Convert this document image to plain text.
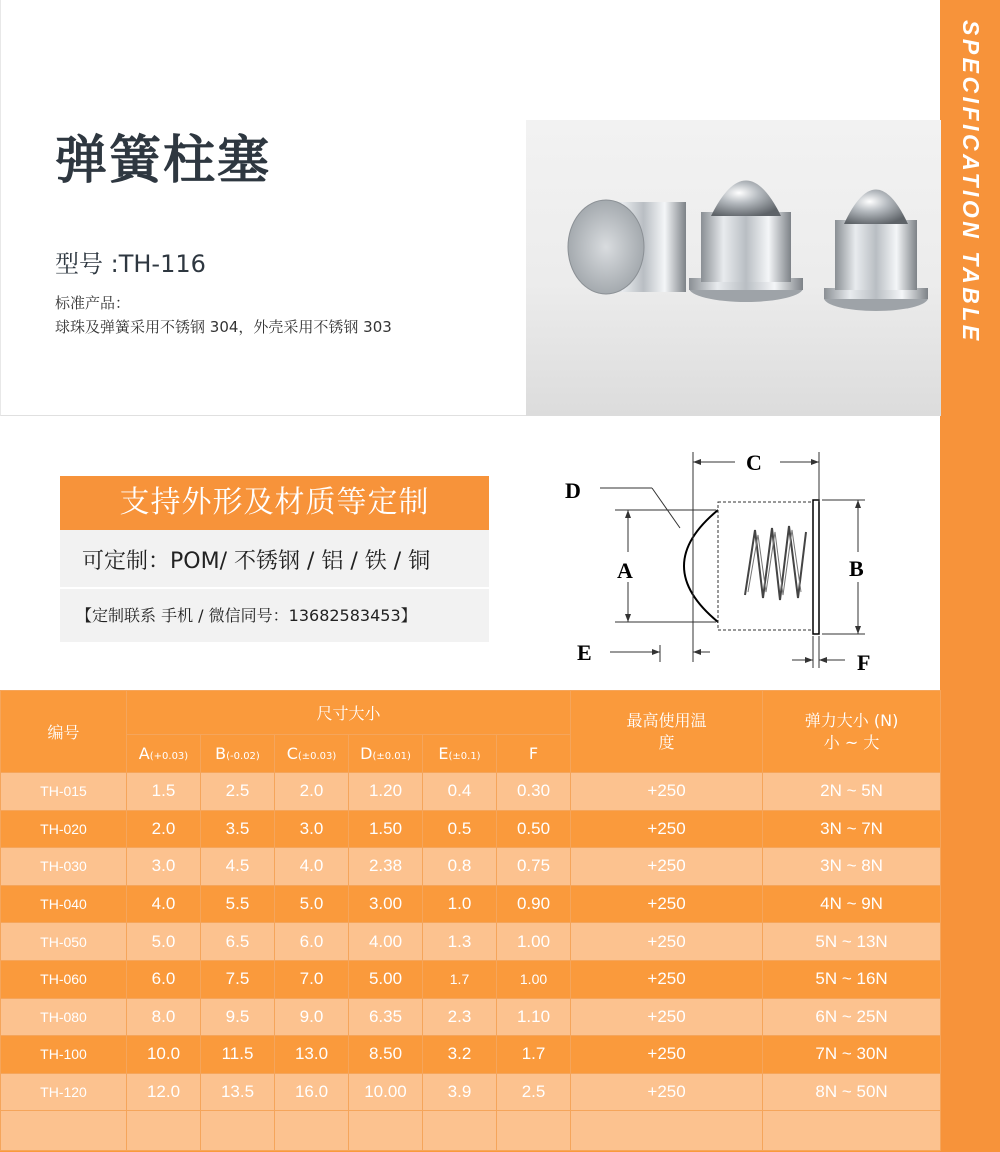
SPECIFICATION TABLE
弹簧柱塞
型号 :TH-116
标准产品：
球珠及弹簧采用不锈钢 304，外壳采用不锈钢 303
支持外形及材质等定制
可定制：POM/ 不锈钢 / 铝 / 铁 / 铜
【定制联系 手机 / 微信同号：13682583453】
C
D
A	B
E	F
编号	尺寸大小						最高使用温度	弹力大小 (N) 小 ~ 大
	A(+0.03)	B(-0.02)	C(±0.03)	D(±0.01)	E(±0.1)	F		
TH-015	1.5	2.5	2.0	1.20	0.4	0.30	+250	2N ~ 5N
TH-020	2.0	3.5	3.0	1.50	0.5	0.50	+250	3N ~ 7N
TH-030	3.0	4.5	4.0	2.38	0.8	0.75	+250	3N ~ 8N
TH-040	4.0	5.5	5.0	3.00	1.0	0.90	+250	4N ~ 9N
TH-050	5.0	6.5	6.0	4.00	1.3	1.00	+250	5N ~ 13N
TH-060	6.0	7.5	7.0	5.00	1.7	1.00	+250	5N ~ 16N
TH-080	8.0	9.5	9.0	6.35	2.3	1.10	+250	6N ~ 25N
TH-100	10.0	11.5	13.0	8.50	3.2	1.7	+250	7N ~ 30N
TH-120	12.0	13.5	16.0	10.00	3.9	2.5	+250	8N ~ 50N
